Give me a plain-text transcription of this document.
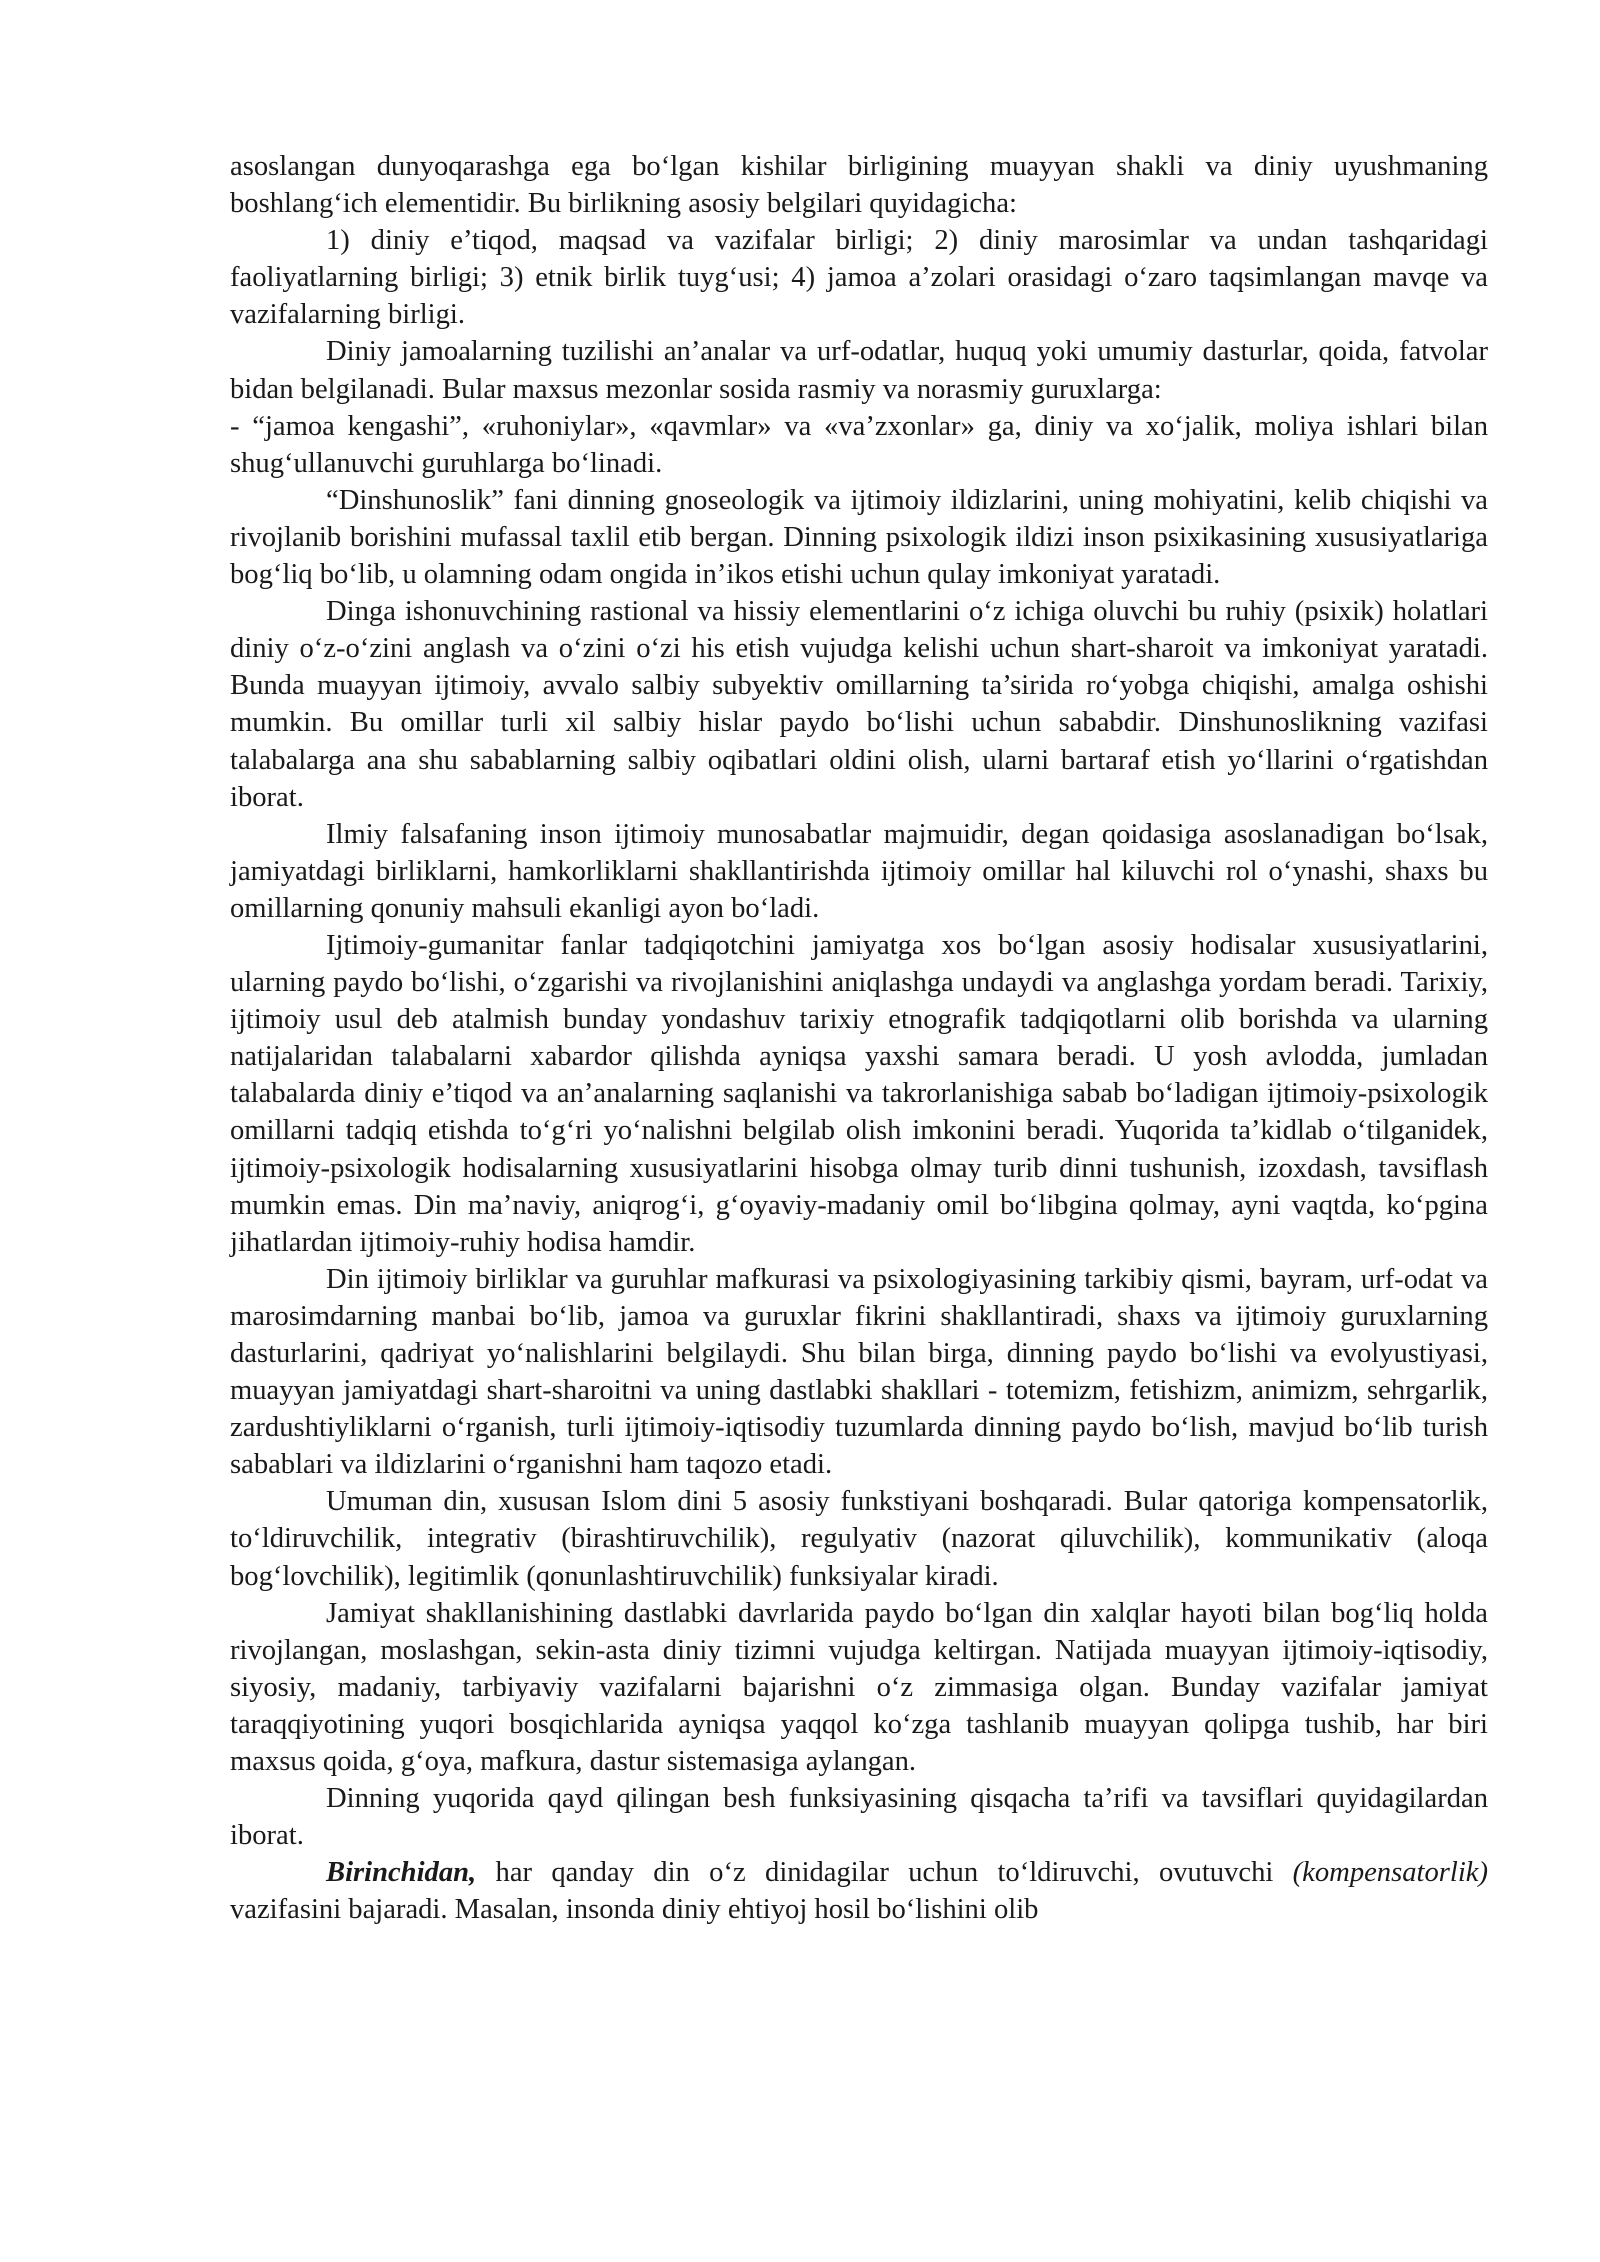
asoslangan dunyoqarashga ega bo‘lgan kishilar birligining muayyan shakli va diniy uyushmaning boshlang‘ich elementidir. Bu birlikning asosiy belgilari quyidagicha:

1) diniy e’tiqod, maqsad va vazifalar birligi; 2) diniy marosimlar va undan tashqaridagi faoliyatlarning birligi; 3) etnik birlik tuyg‘usi; 4) jamoa a’zolari orasidagi o‘zaro taqsimlangan mavqe va vazifalarning birligi.

Diniy jamoalarning tuzilishi an’analar va urf-odatlar, huquq yoki umumiy dasturlar, qoida, fatvolar bidan belgilanadi. Bular maxsus mezonlar sosida rasmiy va norasmiy guruxlarga:

- “jamoa kengashi”, «ruhoniylar», «qavmlar» va «va’zxonlar» ga, diniy va xo‘jalik, moliya ishlari bilan shug‘ullanuvchi guruhlarga bo‘linadi.

“Dinshunoslik” fani dinning gnoseologik va ijtimoiy ildizlarini, uning mohiyatini, kelib chiqishi va rivojlanib borishini mufassal taxlil etib bergan. Dinning psixologik ildizi inson psixikasining xususiyatlariga bog‘liq bo‘lib, u olamning odam ongida in’ikos etishi uchun qulay imkoniyat yaratadi.

Dinga ishonuvchining rastional va hissiy elementlarini o‘z ichiga oluvchi bu ruhiy (psixik) holatlari diniy o‘z-o‘zini anglash va o‘zini o‘zi his etish vujudga kelishi uchun shart-sharoit va imkoniyat yaratadi. Bunda muayyan ijtimoiy, avvalo salbiy subyektiv omillarning ta’sirida ro‘yobga chiqishi, amalga oshishi mumkin. Bu omillar turli xil salbiy hislar paydo bo‘lishi uchun sababdir. Dinshunoslikning vazifasi talabalarga ana shu sabablarning salbiy oqibatlari oldini olish, ularni bartaraf etish yo‘llarini o‘rgatishdan iborat.

Ilmiy falsafaning inson ijtimoiy munosabatlar majmuidir, degan qoidasiga asoslanadigan bo‘lsak, jamiyatdagi birliklarni, hamkorliklarni shakllantirishda ijtimoiy omillar hal kiluvchi rol o‘ynashi, shaxs bu omillarning qonuniy mahsuli ekanligi ayon bo‘ladi.

Ijtimoiy-gumanitar fanlar tadqiqotchini jamiyatga xos bo‘lgan asosiy hodisalar xususiyatlarini, ularning paydo bo‘lishi, o‘zgarishi va rivojlanishini aniqlashga undaydi va anglashga yordam beradi. Tarixiy, ijtimoiy usul deb atalmish bunday yondashuv tarixiy etnografik tadqiqotlarni olib borishda va ularning natijalaridan talabalarni xabardor qilishda ayniqsa yaxshi samara beradi. U yosh avlodda, jumladan talabalarda diniy e’tiqod va an’analarning saqlanishi va takrorlanishiga sabab bo‘ladigan ijtimoiy-psixologik omillarni tadqiq etishda to‘g‘ri yo‘nalishni belgilab olish imkonini beradi. Yuqorida ta’kidlab o‘tilganidek, ijtimoiy-psixologik hodisalarning xususiyatlarini hisobga olmay turib dinni tushunish, izoxdash, tavsiflash mumkin emas. Din ma’naviy, aniqrog‘i, g‘oyaviy-madaniy omil bo‘libgina qolmay, ayni vaqtda, ko‘pgina jihatlardan ijtimoiy-ruhiy hodisa hamdir.

Din ijtimoiy birliklar va guruhlar mafkurasi va psixologiyasining tarkibiy qismi, bayram, urf-odat va marosimdarning manbai bo‘lib, jamoa va guruxlar fikrini shakllantiradi, shaxs va ijtimoiy guruxlarning dasturlarini, qadriyat yo‘nalishlarini belgilaydi. Shu bilan birga, dinning paydo bo‘lishi va evolyustiyasi, muayyan jamiyatdagi shart-sharoitni va uning dastlabki shakllari - totemizm, fetishizm, animizm, sehrgarlik, zardushtiyliklarni o‘rganish, turli ijtimoiy-iqtisodiy tuzumlarda dinning paydo bo‘lish, mavjud bo‘lib turish sabablari va ildizlarini o‘rganishni ham taqozo etadi.

Umuman din, xususan Islom dini 5 asosiy funkstiyani boshqaradi. Bular qatoriga kompensatorlik, to‘ldiruvchilik, integrativ (birashtiruvchilik), regulyativ (nazorat qiluvchilik), kommunikativ (aloqa bog‘lovchilik), legitimlik (qonunlashtiruvchilik) funksiyalar kiradi.

Jamiyat shakllanishining dastlabki davrlarida paydo bo‘lgan din xalqlar hayoti bilan bog‘liq holda rivojlangan, moslashgan, sekin-asta diniy tizimni vujudga keltirgan. Natijada muayyan ijtimoiy-iqtisodiy, siyosiy, madaniy, tarbiyaviy vazifalarni bajarishni o‘z zimmasiga olgan. Bunday vazifalar jamiyat taraqqiyotining yuqori bosqichlarida ayniqsa yaqqol ko‘zga tashlanib muayyan qolipga tushib, har biri maxsus qoida, g‘oya, mafkura, dastur sistemasiga aylangan.

Dinning yuqorida qayd qilingan besh funksiyasining qisqacha ta’rifi va tavsiflari quyidagilardan iborat.

Birinchidan, har qanday din o‘z dinidagilar uchun to‘ldiruvchi, ovutuvchi (kompensatorlik) vazifasini bajaradi. Masalan, insonda diniy ehtiyoj hosil bo‘lishini olib
